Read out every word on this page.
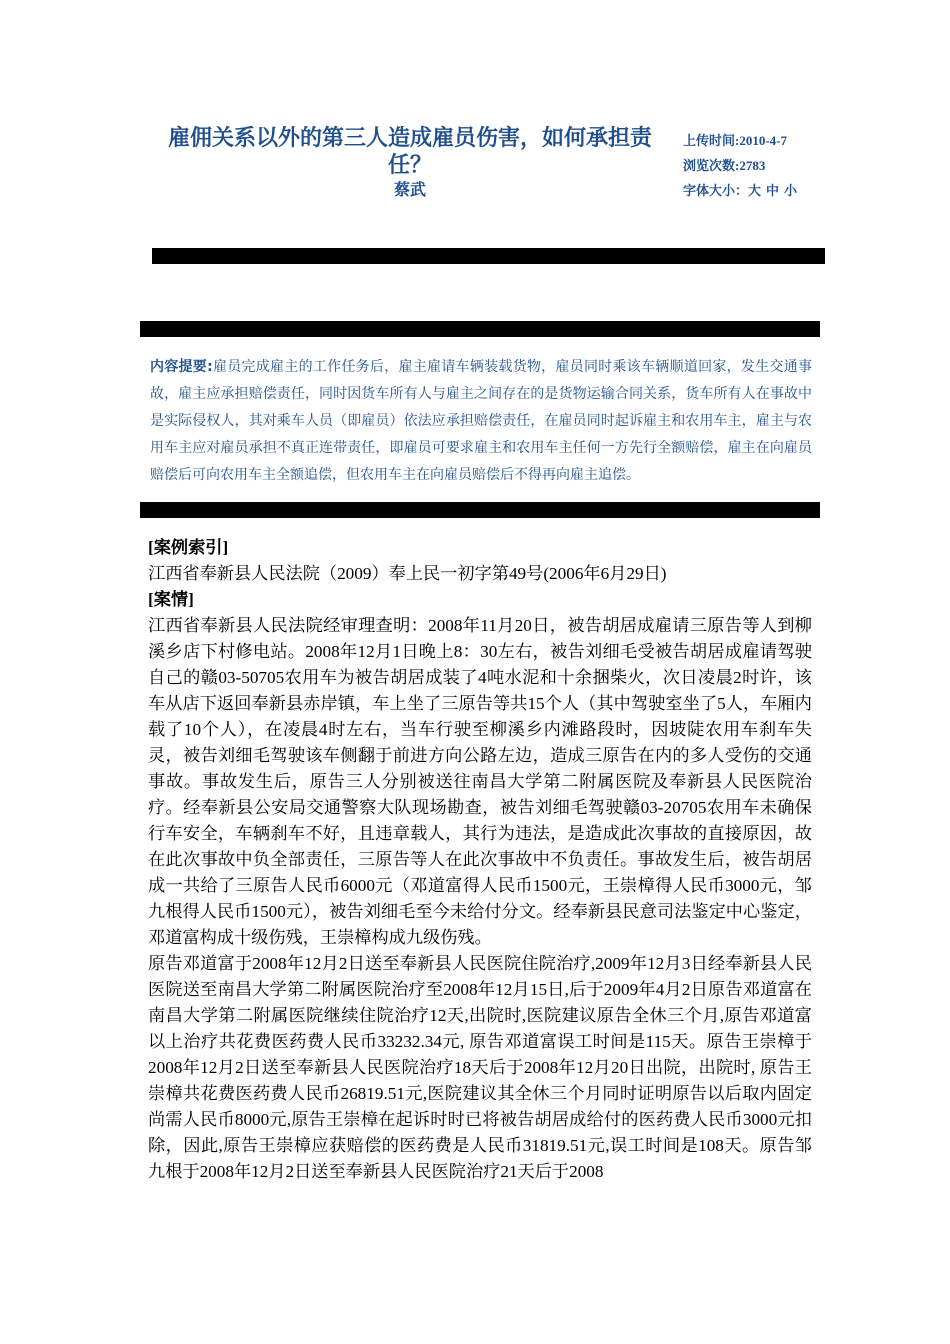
雇佣关系以外的第三人造成雇员伤害，如何承担责任？
蔡武
上传时间:2010-4-7
浏览次数:2783
字体大小：大 中 小
内容提要:雇员完成雇主的工作任务后，雇主雇请车辆装载货物，雇员同时乘该车辆顺道回家，发生交通事故，雇主应承担赔偿责任，同时因货车所有人与雇主之间存在的是货物运输合同关系，货车所有人在事故中是实际侵权人，其对乘车人员（即雇员）依法应承担赔偿责任，在雇员同时起诉雇主和农用车主，雇主与农用车主应对雇员承担不真正连带责任，即雇员可要求雇主和农用车主任何一方先行全额赔偿，雇主在向雇员赔偿后可向农用车主全额追偿，但农用车主在向雇员赔偿后不得再向雇主追偿。

[案例索引]

江西省奉新县人民法院（2009）奉上民一初字第49号(2006年6月29日)

[案情]

江西省奉新县人民法院经审理查明：2008年11月20日，被告胡居成雇请三原告等人到柳溪乡店下村修电站。2008年12月1日晚上8：30左右，被告刘细毛受被告胡居成雇请驾驶自己的赣03-50705农用车为被告胡居成装了4吨水泥和十余捆柴火，次日凌晨2时许，该车从店下返回奉新县赤岸镇，车上坐了三原告等共15个人（其中驾驶室坐了5人，车厢内载了10个人），在凌晨4时左右，当车行驶至柳溪乡内滩路段时，因坡陡农用车刹车失灵，被告刘细毛驾驶该车侧翻于前进方向公路左边，造成三原告在内的多人受伤的交通事故。事故发生后，原告三人分别被送往南昌大学第二附属医院及奉新县人民医院治疗。经奉新县公安局交通警察大队现场勘查，被告刘细毛驾驶赣03-20705农用车未确保行车安全，车辆刹车不好，且违章载人，其行为违法，是造成此次事故的直接原因，故在此次事故中负全部责任，三原告等人在此次事故中不负责任。事故发生后，被告胡居成一共给了三原告人民币6000元（邓道富得人民币1500元，王崇樟得人民币3000元，邹九根得人民币1500元），被告刘细毛至今未给付分文。经奉新县民意司法鉴定中心鉴定，邓道富构成十级伤残，王崇樟构成九级伤残。

原告邓道富于2008年12月2日送至奉新县人民医院住院治疗,2009年12月3日经奉新县人民医院送至南昌大学第二附属医院治疗至2008年12月15日,后于2009年4月2日原告邓道富在南昌大学第二附属医院继续住院治疗12天,出院时,医院建议原告全休三个月,原告邓道富以上治疗共花费医药费人民币33232.34元, 原告邓道富误工时间是115天。原告王崇樟于2008年12月2日送至奉新县人民医院治疗18天后于2008年12月20日出院，出院时, 原告王崇樟共花费医药费人民币26819.51元,医院建议其全休三个月同时证明原告以后取内固定尚需人民币8000元,原告王崇樟在起诉时时已将被告胡居成给付的医药费人民币3000元扣除，因此,原告王崇樟应获赔偿的医药费是人民币31819.51元,误工时间是108天。原告邹九根于2008年12月2日送至奉新县人民医院治疗21天后于2008
